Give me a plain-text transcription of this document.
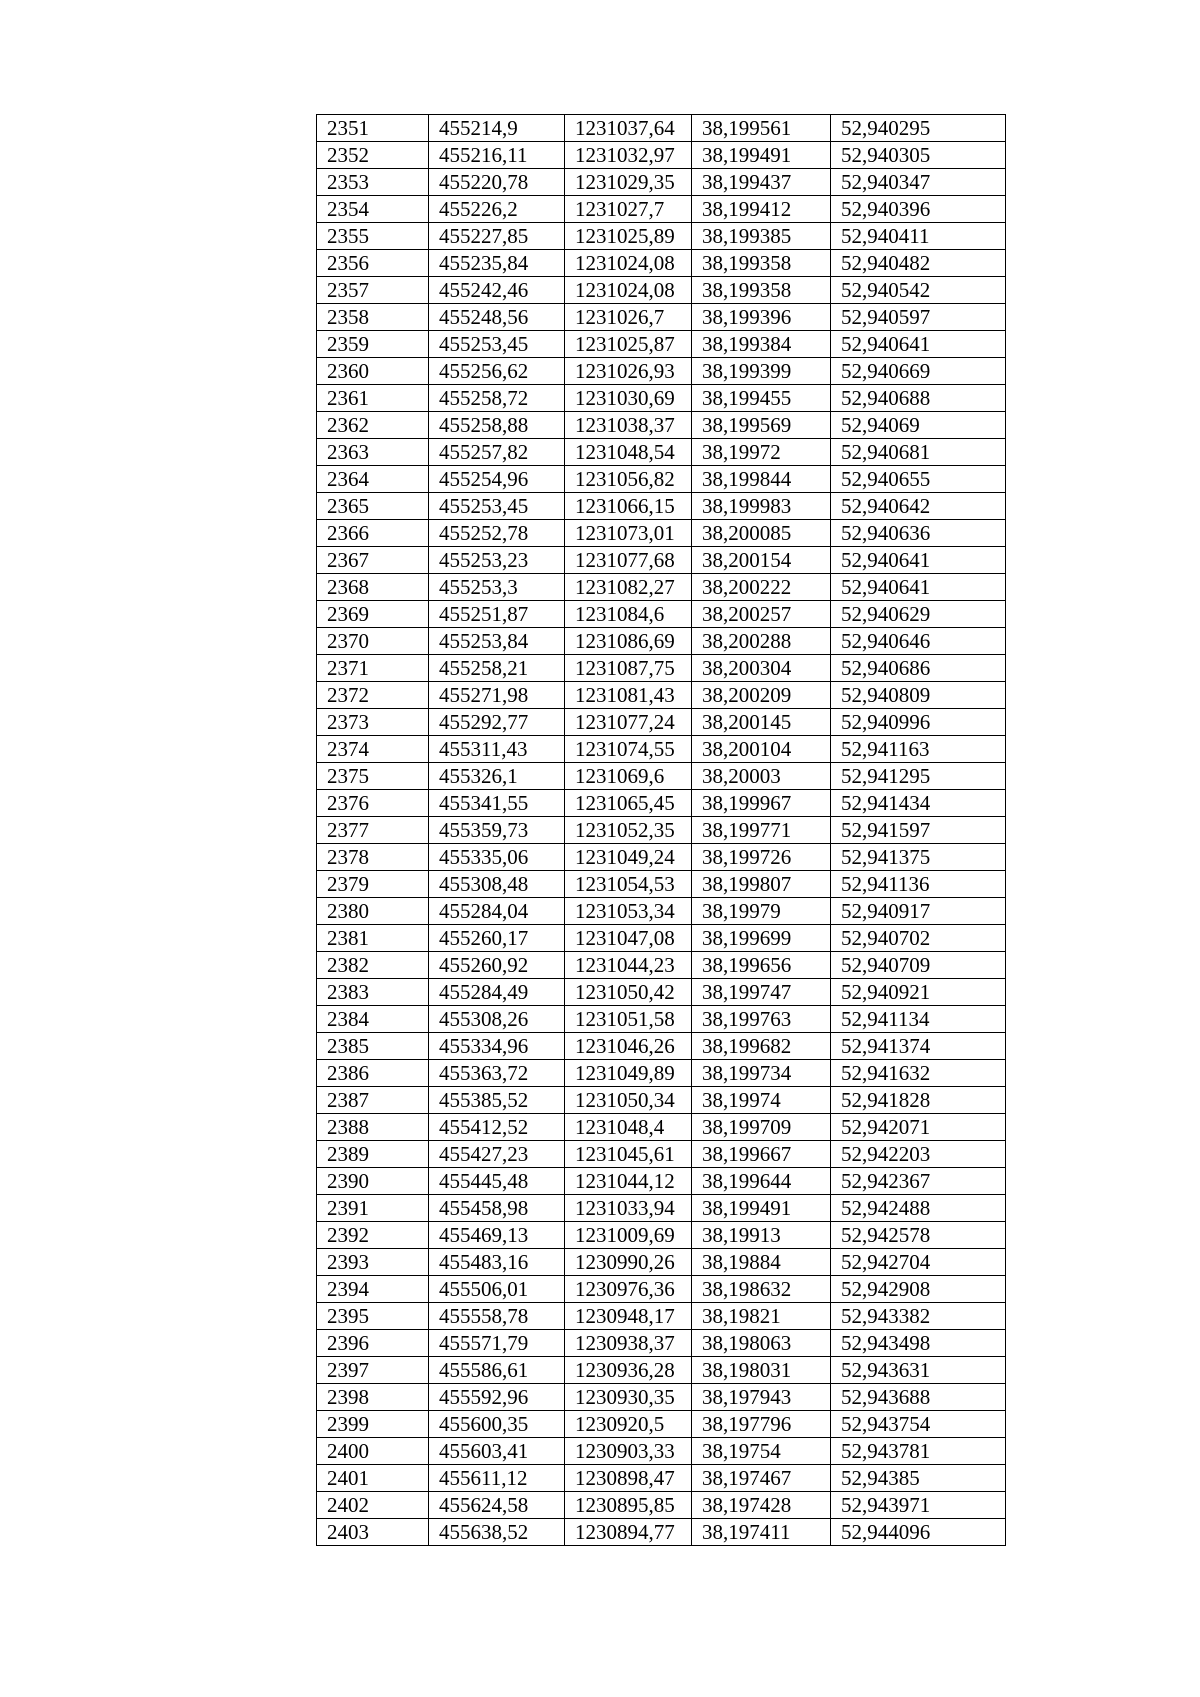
2351	455214,9	1231037,64	38,199561	52,940295
2352	455216,11	1231032,97	38,199491	52,940305
2353	455220,78	1231029,35	38,199437	52,940347
2354	455226,2	1231027,7	38,199412	52,940396
2355	455227,85	1231025,89	38,199385	52,940411
2356	455235,84	1231024,08	38,199358	52,940482
2357	455242,46	1231024,08	38,199358	52,940542
2358	455248,56	1231026,7	38,199396	52,940597
2359	455253,45	1231025,87	38,199384	52,940641
2360	455256,62	1231026,93	38,199399	52,940669
2361	455258,72	1231030,69	38,199455	52,940688
2362	455258,88	1231038,37	38,199569	52,94069
2363	455257,82	1231048,54	38,19972	52,940681
2364	455254,96	1231056,82	38,199844	52,940655
2365	455253,45	1231066,15	38,199983	52,940642
2366	455252,78	1231073,01	38,200085	52,940636
2367	455253,23	1231077,68	38,200154	52,940641
2368	455253,3	1231082,27	38,200222	52,940641
2369	455251,87	1231084,6	38,200257	52,940629
2370	455253,84	1231086,69	38,200288	52,940646
2371	455258,21	1231087,75	38,200304	52,940686
2372	455271,98	1231081,43	38,200209	52,940809
2373	455292,77	1231077,24	38,200145	52,940996
2374	455311,43	1231074,55	38,200104	52,941163
2375	455326,1	1231069,6	38,20003	52,941295
2376	455341,55	1231065,45	38,199967	52,941434
2377	455359,73	1231052,35	38,199771	52,941597
2378	455335,06	1231049,24	38,199726	52,941375
2379	455308,48	1231054,53	38,199807	52,941136
2380	455284,04	1231053,34	38,19979	52,940917
2381	455260,17	1231047,08	38,199699	52,940702
2382	455260,92	1231044,23	38,199656	52,940709
2383	455284,49	1231050,42	38,199747	52,940921
2384	455308,26	1231051,58	38,199763	52,941134
2385	455334,96	1231046,26	38,199682	52,941374
2386	455363,72	1231049,89	38,199734	52,941632
2387	455385,52	1231050,34	38,19974	52,941828
2388	455412,52	1231048,4	38,199709	52,942071
2389	455427,23	1231045,61	38,199667	52,942203
2390	455445,48	1231044,12	38,199644	52,942367
2391	455458,98	1231033,94	38,199491	52,942488
2392	455469,13	1231009,69	38,19913	52,942578
2393	455483,16	1230990,26	38,19884	52,942704
2394	455506,01	1230976,36	38,198632	52,942908
2395	455558,78	1230948,17	38,19821	52,943382
2396	455571,79	1230938,37	38,198063	52,943498
2397	455586,61	1230936,28	38,198031	52,943631
2398	455592,96	1230930,35	38,197943	52,943688
2399	455600,35	1230920,5	38,197796	52,943754
2400	455603,41	1230903,33	38,19754	52,943781
2401	455611,12	1230898,47	38,197467	52,94385
2402	455624,58	1230895,85	38,197428	52,943971
2403	455638,52	1230894,77	38,197411	52,944096
